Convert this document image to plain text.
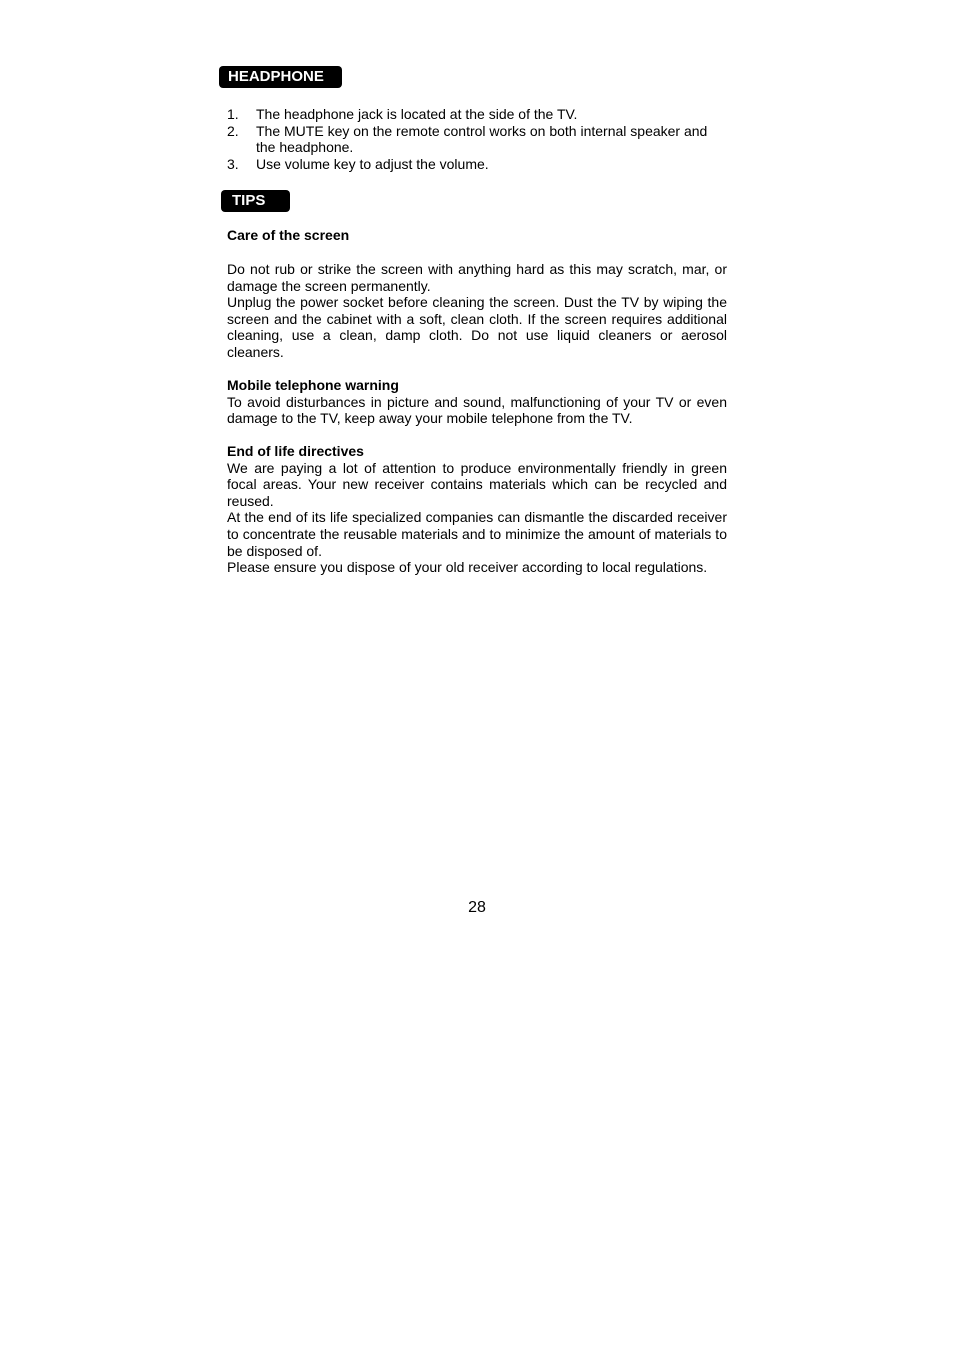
HEADPHONE
1. The headphone jack is located at the side of the TV.
2. The MUTE key on the remote control works on both internal speaker and the headphone.
3. Use volume key to adjust the volume.
TIPS
Care of the screen

Do not rub or strike the screen with anything hard as this may scratch, mar, or damage the screen permanently.

Unplug the power socket before cleaning the screen. Dust the TV by wiping the screen and the cabinet with a soft, clean cloth. If the screen requires additional cleaning, use a clean, damp cloth. Do not use liquid cleaners or aerosol cleaners.

Mobile telephone warning

To avoid disturbances in picture and sound, malfunctioning of your TV or even damage to the TV, keep away your mobile telephone from the TV.

End of life directives

We are paying a lot of attention to produce environmentally friendly in green focal areas. Your new receiver contains materials which can be recycled and reused.

At the end of its life specialized companies can dismantle the discarded receiver to concentrate the reusable materials and to minimize the amount of materials to be disposed of.

Please ensure you dispose of your old receiver according to local regulations.

28
